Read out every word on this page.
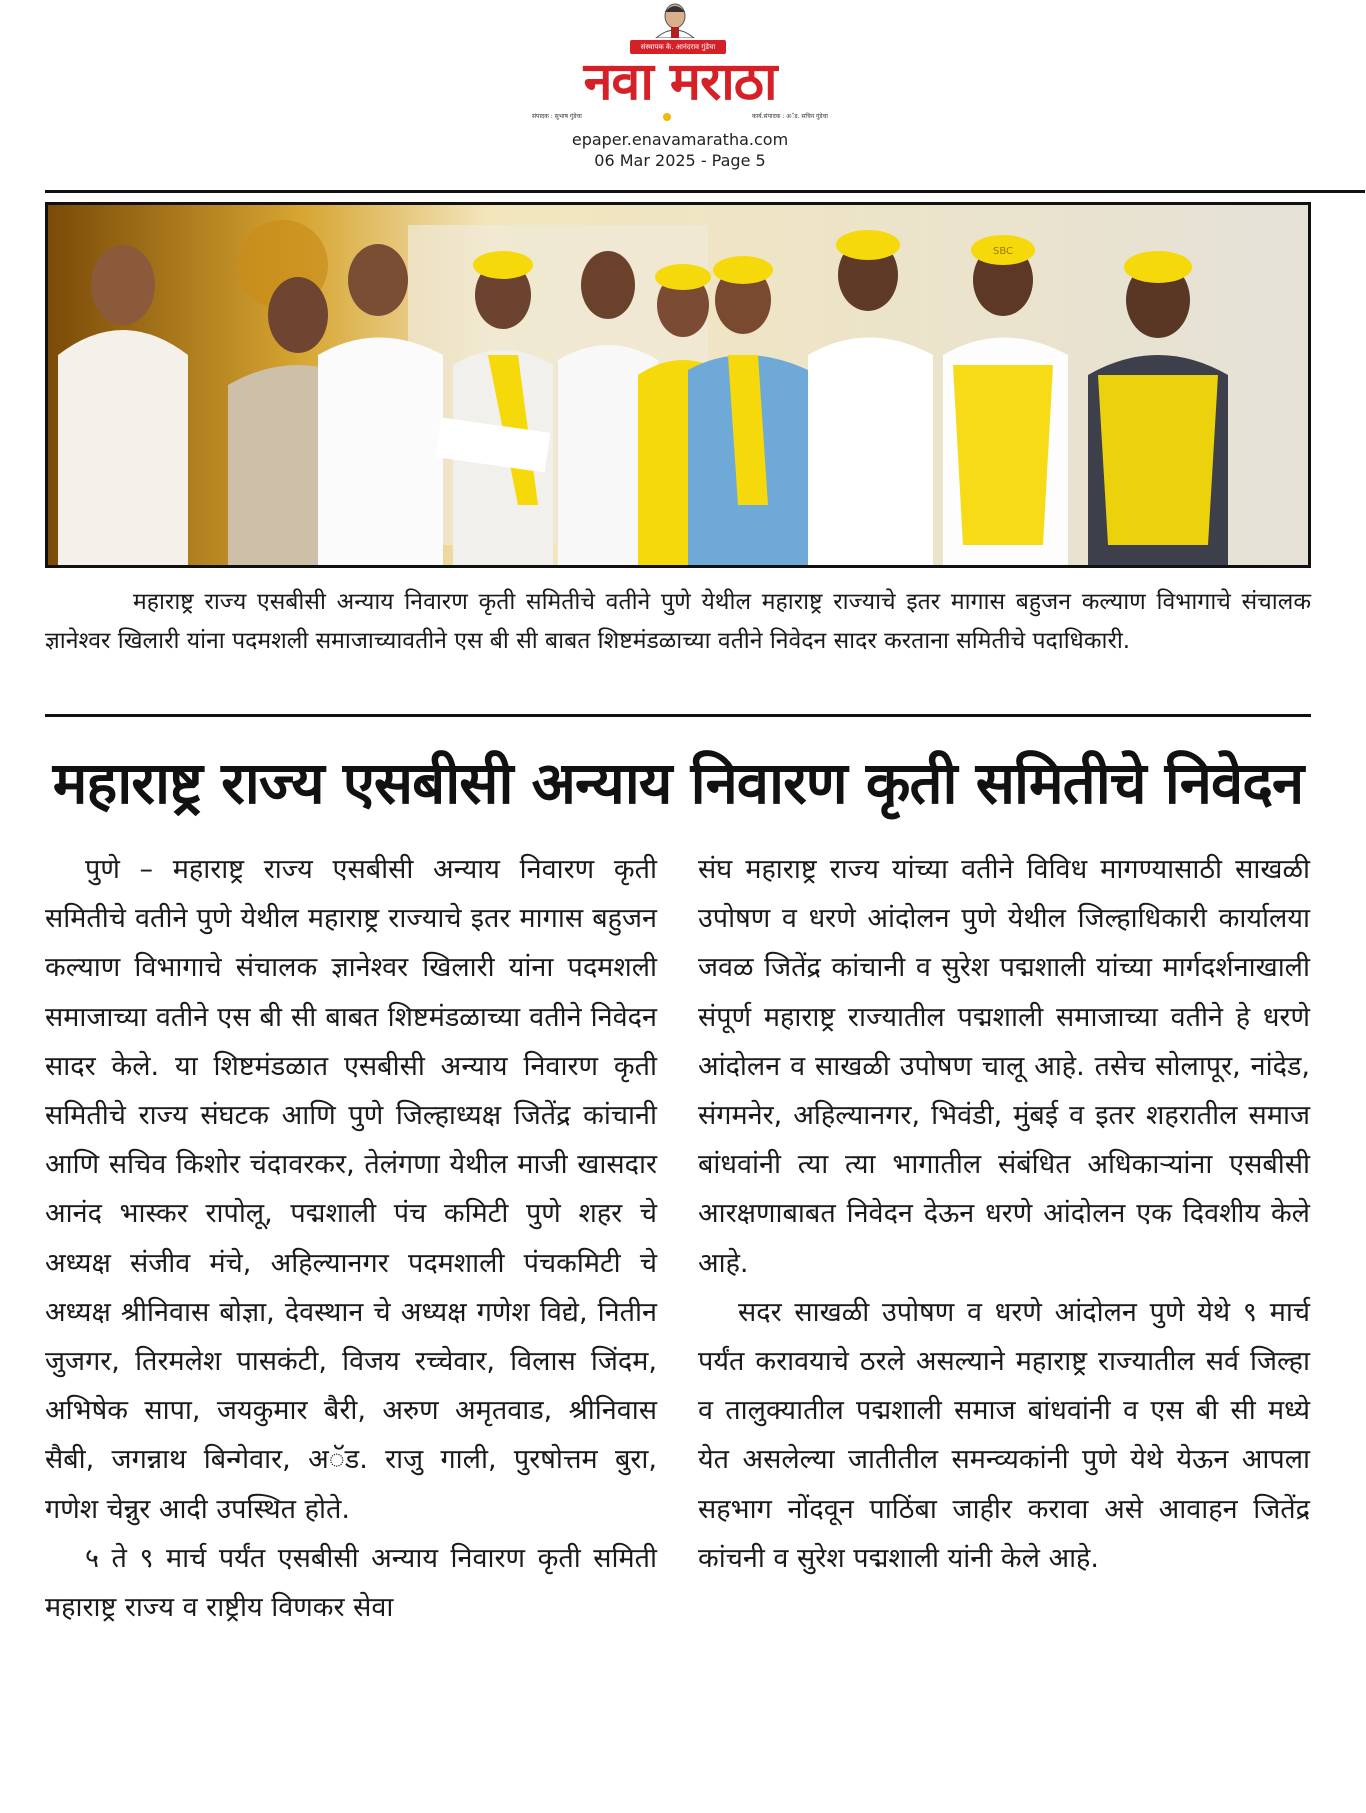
संस्थापक के. आनंदराव गुंडेचा
नवा मराठा
संपादक : सुभाष गुंडेचा	कार्य.संपादक : अॅड. सचिन गुंडेचा
epaper.enavamaratha.com
06 Mar 2025 - Page 5
SBC
महाराष्ट्र राज्य एसबीसी अन्याय निवारण कृती समितीचे वतीने पुणे येथील महाराष्ट्र राज्याचे इतर मागास बहुजन कल्याण विभागाचे संचालक ज्ञानेश्वर खिलारी यांना पदमशली समाजाच्यावतीने एस बी सी बाबत शिष्टमंडळाच्या वतीने निवेदन सादर करताना समितीचे पदाधिकारी.
महाराष्ट्र राज्य एसबीसी अन्याय निवारण कृती समितीचे निवेदन

पुणे – महाराष्ट्र राज्य एसबीसी अन्याय निवारण कृती समितीचे वतीने पुणे येथील महाराष्ट्र राज्याचे इतर मागास बहुजन कल्याण विभागाचे संचालक ज्ञानेश्वर खिलारी यांना पदमशली समाजाच्या वतीने एस बी सी बाबत शिष्टमंडळाच्या वतीने निवेदन सादर केले. या शिष्टमंडळात एसबीसी अन्याय निवारण कृती समितीचे राज्य संघटक आणि पुणे जिल्हाध्यक्ष जितेंद्र कांचानी आणि सचिव किशोर चंदावरकर, तेलंगणा येथील माजी खासदार आनंद भास्कर रापोलू, पद्मशाली पंच कमिटी पुणे शहर चे अध्यक्ष संजीव मंचे, अहिल्यानगर पदमशाली पंचकमिटी चे अध्यक्ष श्रीनिवास बोज्ञा, देवस्थान चे अध्यक्ष गणेश विद्ये, नितीन जुजगर, तिरमलेश पासकंटी, विजय रच्चेवार, विलास जिंदम, अभिषेक सापा, जयकुमार बैरी, अरुण अमृतवाड, श्रीनिवास सैबी, जगन्नाथ बिन्गेवार, अॅड. राजु गाली, पुरषोत्तम बुरा, गणेश चेन्नुर आदी उपस्थित होते.

५ ते ९ मार्च पर्यंत एसबीसी अन्याय निवारण कृती समिती महाराष्ट्र राज्य व राष्ट्रीय विणकर सेवा

संघ महाराष्ट्र राज्य यांच्या वतीने विविध मागण्यासाठी साखळी उपोषण व धरणे आंदोलन पुणे येथील जिल्हाधिकारी कार्यालया जवळ जितेंद्र कांचानी व सुरेश पद्मशाली यांच्या मार्गदर्शनाखाली संपूर्ण महाराष्ट्र राज्यातील पद्मशाली समाजाच्या वतीने हे धरणे आंदोलन व साखळी उपोषण चालू आहे. तसेच सोलापूर, नांदेड, संगमनेर, अहिल्यानगर, भिवंडी, मुंबई व इतर शहरातील समाज बांधवांनी त्या त्या भागातील संबंधित अधिकाऱ्यांना एसबीसी आरक्षणाबाबत निवेदन देऊन धरणे आंदोलन एक दिवशीय केले आहे.

सदर साखळी उपोषण व धरणे आंदोलन पुणे येथे ९ मार्च पर्यंत करावयाचे ठरले असल्याने महाराष्ट्र राज्यातील सर्व जिल्हा व तालुक्यातील पद्मशाली समाज बांधवांनी व एस बी सी मध्ये येत असलेल्या जातीतील समन्व्यकांनी पुणे येथे येऊन आपला सहभाग नोंदवून पाठिंबा जाहीर करावा असे आवाहन जितेंद्र कांचनी व सुरेश पद्मशाली यांनी केले आहे.
